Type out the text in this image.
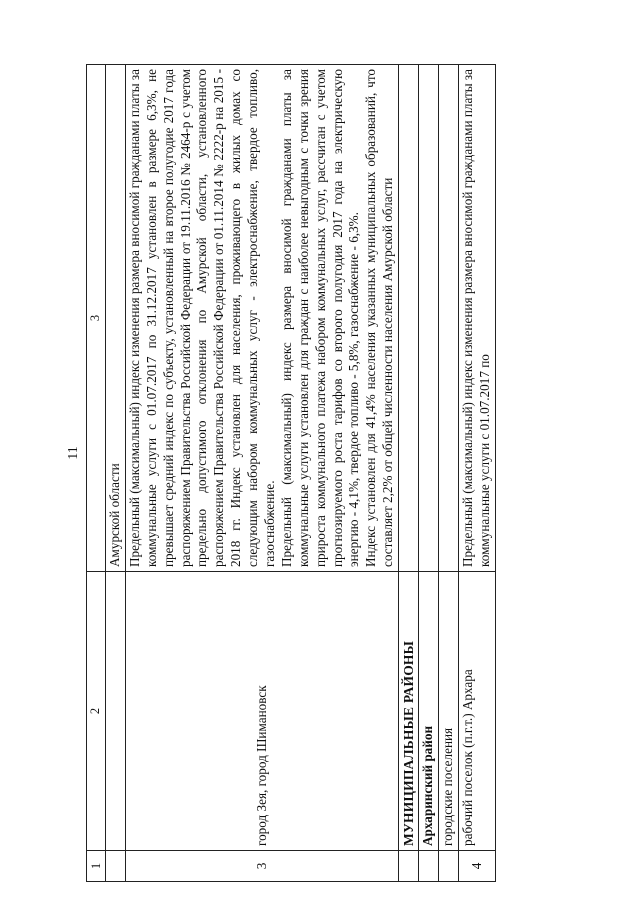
11
1	2	3
		Амурской области
3	город Зея, город Шимановск	Предельный (максимальный) индекс изменения размера вносимой гражданами платы за коммунальные услуги с 01.07.2017 по 31.12.2017 установлен в размере 6,3%, не превышает средний индекс по субъекту, установленный на второе полугодие 2017 года распоряжением Правительства Российской Федерации от 19.11.2016 № 2464-р с учетом предельно допустимого отклонения по Амурской области, установленного распоряжением Правительства Российской Федерации от 01.11.2014 № 2222-р на 2015 - 2018 гг. Индекс установлен для населения, проживающего в жилых домах со следующим набором коммунальных услуг - электроснабжение, твердое топливо, газоснабжение. Предельный (максимальный) индекс размера вносимой гражданами платы за коммунальные услуги установлен для граждан с наиболее невыгодным с точки зрения прироста коммунального платежа набором коммунальных услуг, рассчитан с учетом прогнозируемого роста тарифов со второго полугодия 2017 года на электрическую энергию - 4,1%, твердое топливо - 5,8%, газоснабжение - 6,3%. Индекс установлен для 41,4% населения указанных муниципальных образований, что составляет 2,2% от общей численности населения Амурской области

	МУНИЦИПАЛЬНЫЕ РАЙОНЫ	
	Архаринский район	
	городские поселения	
4	рабочий поселок (п.г.т.) Архара	Предельный (максимальный) индекс изменения размера вносимой гражданами платы за коммунальные услуги с 01.07.2017 по
